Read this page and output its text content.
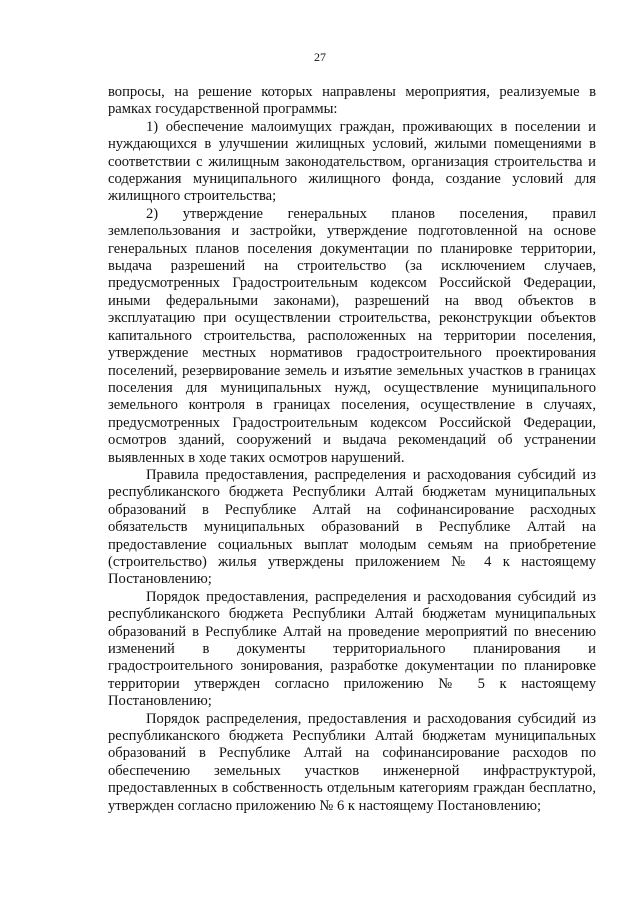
27

вопросы, на решение которых направлены мероприятия, реализуемые в рамках государственной программы:

1) обеспечение малоимущих граждан, проживающих в поселении и нуждающихся в улучшении жилищных условий, жилыми помещениями в соответствии с жилищным законодательством, организация строительства и содержания муниципального жилищного фонда, создание условий для жилищного строительства;

2) утверждение генеральных планов поселения, правил землепользования и застройки, утверждение подготовленной на основе генеральных планов поселения документации по планировке территории, выдача разрешений на строительство (за исключением случаев, предусмотренных Градостроительным кодексом Российской Федерации, иными федеральными законами), разрешений на ввод объектов в эксплуатацию при осуществлении строительства, реконструкции объектов капитального строительства, расположенных на территории поселения, утверждение местных нормативов градостроительного проектирования поселений, резервирование земель и изъятие земельных участков в границах поселения для муниципальных нужд, осуществление муниципального земельного контроля в границах поселения, осуществление в случаях, предусмотренных Градостроительным кодексом Российской Федерации, осмотров зданий, сооружений и выдача рекомендаций об устранении выявленных в ходе таких осмотров нарушений.

Правила предоставления, распределения и расходования субсидий из республиканского бюджета Республики Алтай бюджетам муниципальных образований в Республике Алтай на софинансирование расходных обязательств муниципальных образований в Республике Алтай на предоставление социальных выплат молодым семьям на приобретение (строительство) жилья утверждены приложением № 4 к настоящему Постановлению;

Порядок предоставления, распределения и расходования субсидий из республиканского бюджета Республики Алтай бюджетам муниципальных образований в Республике Алтай на проведение мероприятий по внесению изменений в документы территориального планирования и градостроительного зонирования, разработке документации по планировке территории утвержден согласно приложению № 5 к настоящему Постановлению;

Порядок распределения, предоставления и расходования субсидий из республиканского бюджета Республики Алтай бюджетам муниципальных образований в Республике Алтай на софинансирование расходов по обеспечению земельных участков инженерной инфраструктурой, предоставленных в собственность отдельным категориям граждан бесплатно, утвержден согласно приложению № 6 к настоящему Постановлению;
